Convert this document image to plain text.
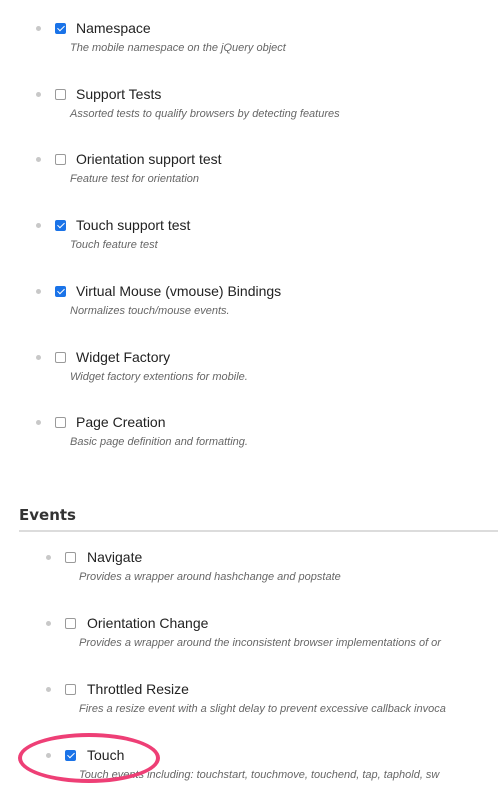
Namespace
The mobile namespace on the jQuery object
Support Tests
Assorted tests to qualify browsers by detecting features
Orientation support test
Feature test for orientation
Touch support test
Touch feature test
Virtual Mouse (vmouse) Bindings
Normalizes touch/mouse events.
Widget Factory
Widget factory extentions for mobile.
Page Creation
Basic page definition and formatting.
Events
Navigate
Provides a wrapper around hashchange and popstate
Orientation Change
Provides a wrapper around the inconsistent browser implementations of or
Throttled Resize
Fires a resize event with a slight delay to prevent excessive callback invoca
Touch
Touch events including: touchstart, touchmove, touchend, tap, taphold, sw
